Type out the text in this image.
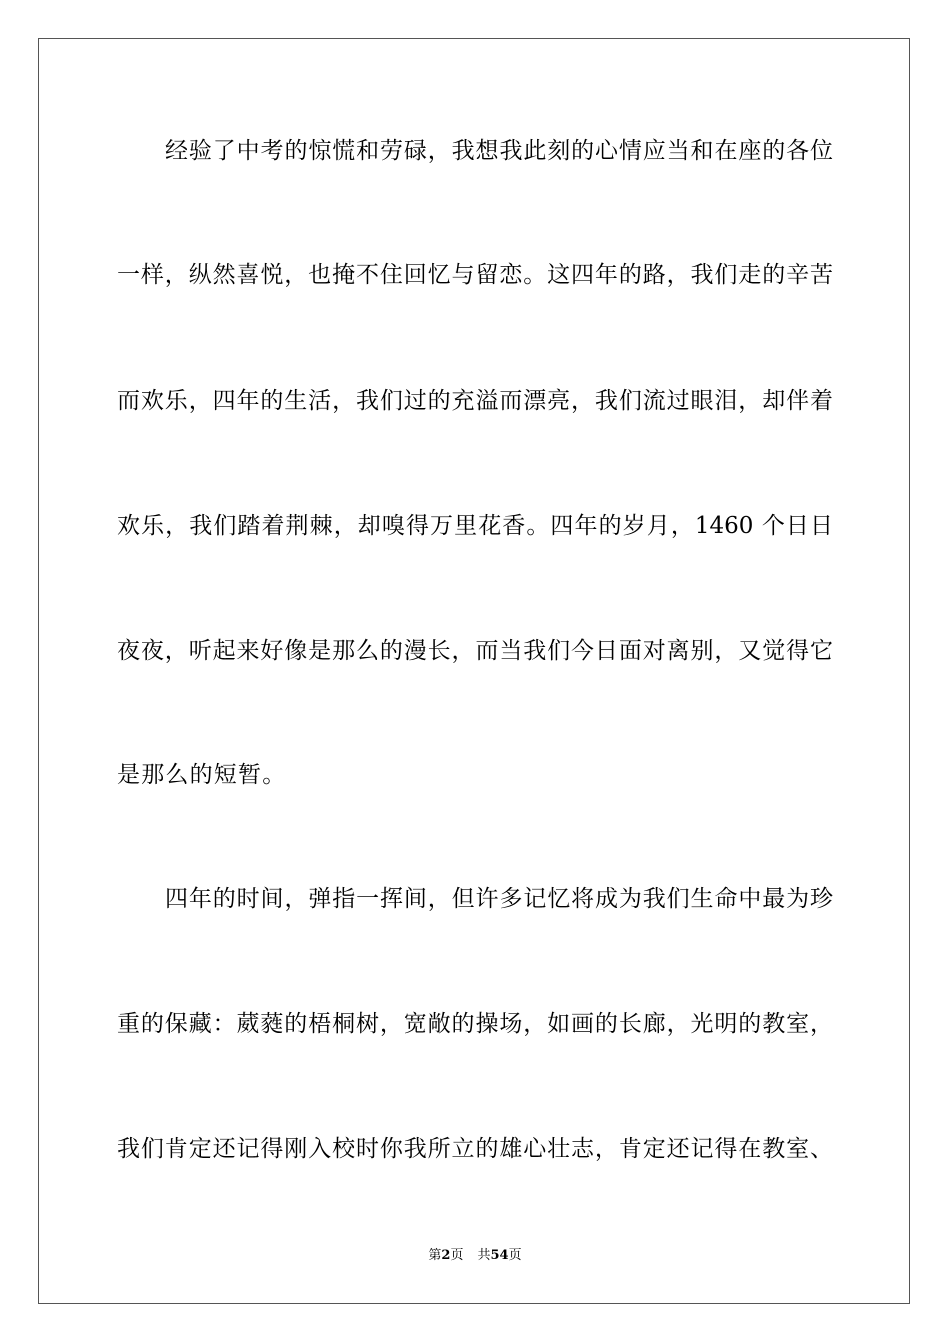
经验了中考的惊慌和劳碌，我想我此刻的心情应当和在座的各位
一样，纵然喜悦，也掩不住回忆与留恋。这四年的路，我们走的辛苦
而欢乐，四年的生活，我们过的充溢而漂亮，我们流过眼泪，却伴着
欢乐，我们踏着荆棘，却嗅得万里花香。四年的岁月，1460 个日日
夜夜，听起来好像是那么的漫长，而当我们今日面对离别，又觉得它
是那么的短暂。
四年的时间，弹指一挥间，但许多记忆将成为我们生命中最为珍
重的保藏：葳蕤的梧桐树，宽敞的操场，如画的长廊，光明的教室，
我们肯定还记得刚入校时你我所立的雄心壮志，肯定还记得在教室、
第2页 共54页
